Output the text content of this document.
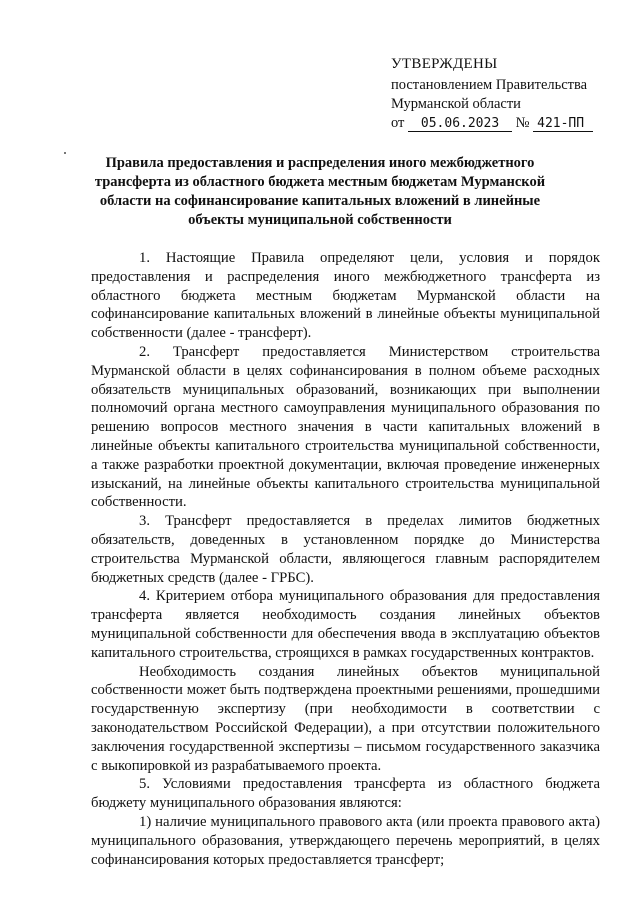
УТВЕРЖДЕНЫ
постановлением Правительства
Мурманской области
от 05.06.2023 № 421-ПП
Правила предоставления и распределения иного межбюджетного трансферта из областного бюджета местным бюджетам Мурманской области на софинансирование капитальных вложений в линейные объекты муниципальной собственности

1. Настоящие Правила определяют цели, условия и порядок предоставления и распределения иного межбюджетного трансферта из областного бюджета местным бюджетам Мурманской области на софинансирование капитальных вложений в линейные объекты муниципальной собственности (далее - трансферт).

2. Трансферт предоставляется Министерством строительства Мурманской области в целях софинансирования в полном объеме расходных обязательств муниципальных образований, возникающих при выполнении полномочий органа местного самоуправления муниципального образования по решению вопросов местного значения в части капитальных вложений в линейные объекты капитального строительства муниципальной собственности, а также разработки проектной документации, включая проведение инженерных изысканий, на линейные объекты капитального строительства муниципальной собственности.

3. Трансферт предоставляется в пределах лимитов бюджетных обязательств, доведенных в установленном порядке до Министерства строительства Мурманской области, являющегося главным распорядителем бюджетных средств (далее - ГРБС).

4. Критерием отбора муниципального образования для предоставления трансферта является необходимость создания линейных объектов муниципальной собственности для обеспечения ввода в эксплуатацию объектов капитального строительства, строящихся в рамках государственных контрактов.

Необходимость создания линейных объектов муниципальной собственности может быть подтверждена проектными решениями, прошедшими государственную экспертизу (при необходимости в соответствии с законодательством Российской Федерации), а при отсутствии положительного заключения государственной экспертизы – письмом государственного заказчика с выкопировкой из разрабатываемого проекта.

5. Условиями предоставления трансферта из областного бюджета бюджету муниципального образования являются:

1) наличие муниципального правового акта (или проекта правового акта) муниципального образования, утверждающего перечень мероприятий, в целях софинансирования которых предоставляется трансферт;
